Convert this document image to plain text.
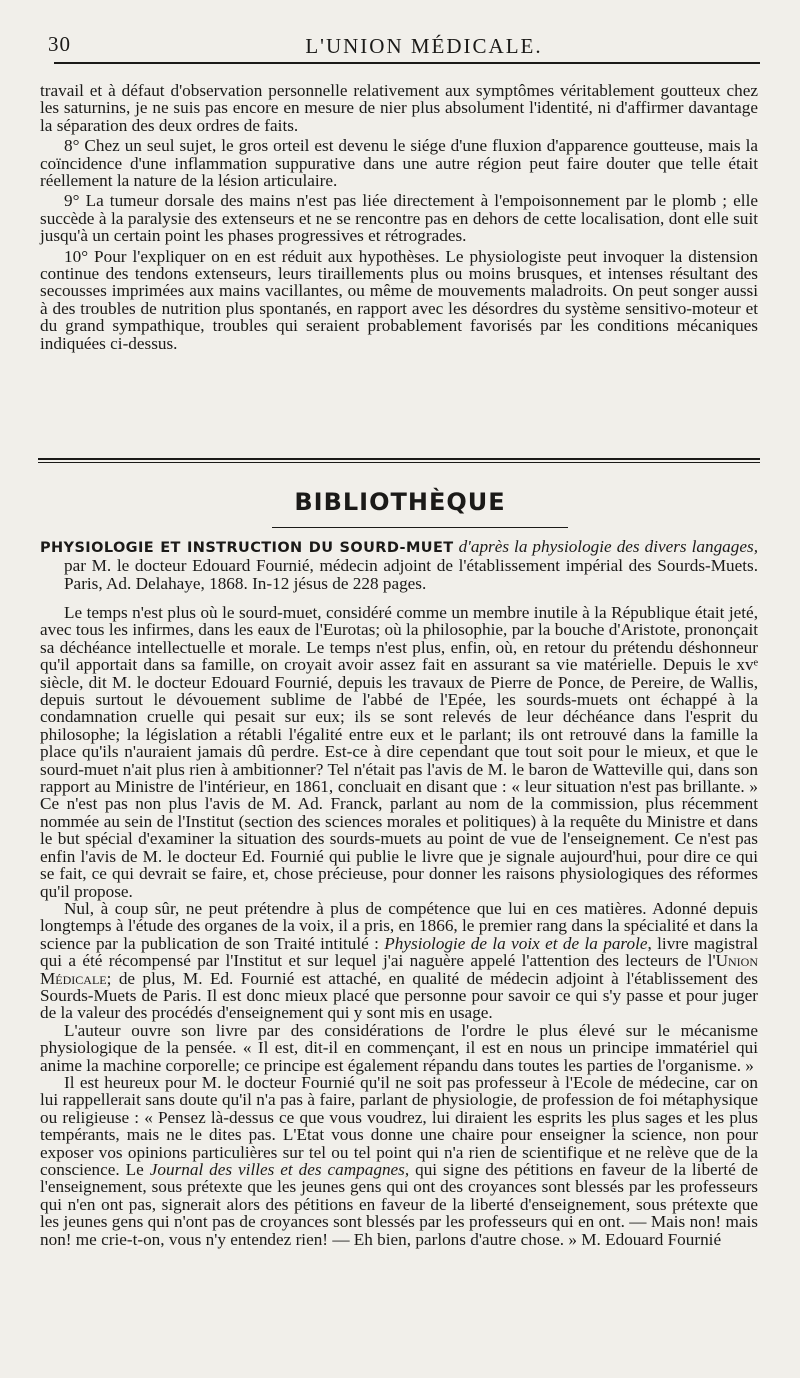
30	L'UNION MÉDICALE.

travail et à défaut d'observation personnelle relativement aux symptômes véritablement goutteux chez les saturnins, je ne suis pas encore en mesure de nier plus absolument l'identité, ni d'affirmer davantage la séparation des deux ordres de faits.

8° Chez un seul sujet, le gros orteil est devenu le siége d'une fluxion d'apparence goutteuse, mais la coïncidence d'une inflammation suppurative dans une autre région peut faire douter que telle était réellement la nature de la lésion articulaire.

9° La tumeur dorsale des mains n'est pas liée directement à l'empoisonnement par le plomb ; elle succède à la paralysie des extenseurs et ne se rencontre pas en dehors de cette localisation, dont elle suit jusqu'à un certain point les phases progressives et rétrogrades.

10° Pour l'expliquer on en est réduit aux hypothèses. Le physiologiste peut invoquer la distension continue des tendons extenseurs, leurs tiraillements plus ou moins brusques, et intenses résultant des secousses imprimées aux mains vacillantes, ou même de mouvements maladroits. On peut songer aussi à des troubles de nutrition plus spontanés, en rapport avec les désordres du système sensitivo-moteur et du grand sympathique, troubles qui seraient probablement favorisés par les conditions mécaniques indiquées ci-dessus.

BIBLIOTHÈQUE
PHYSIOLOGIE ET INSTRUCTION DU SOURD-MUET d'après la physiologie des divers langages, par M. le docteur Edouard Fournié, médecin adjoint de l'établissement impérial des Sourds-Muets. Paris, Ad. Delahaye, 1868. In-12 jésus de 228 pages.

Le temps n'est plus où le sourd-muet, considéré comme un membre inutile à la République était jeté, avec tous les infirmes, dans les eaux de l'Eurotas; où la philosophie, par la bouche d'Aristote, prononçait sa déchéance intellectuelle et morale. Le temps n'est plus, enfin, où, en retour du prétendu déshonneur qu'il apportait dans sa famille, on croyait avoir assez fait en assurant sa vie matérielle. Depuis le xvᵉ siècle, dit M. le docteur Edouard Fournié, depuis les travaux de Pierre de Ponce, de Pereire, de Wallis, depuis surtout le dévouement sublime de l'abbé de l'Epée, les sourds-muets ont échappé à la condamnation cruelle qui pesait sur eux; ils se sont relevés de leur déchéance dans l'esprit du philosophe; la législation a rétabli l'égalité entre eux et le parlant; ils ont retrouvé dans la famille la place qu'ils n'auraient jamais dû perdre. Est-ce à dire cependant que tout soit pour le mieux, et que le sourd-muet n'ait plus rien à ambitionner? Tel n'était pas l'avis de M. le baron de Watteville qui, dans son rapport au Ministre de l'intérieur, en 1861, concluait en disant que : « leur situation n'est pas brillante. » Ce n'est pas non plus l'avis de M. Ad. Franck, parlant au nom de la commission, plus récemment nommée au sein de l'Institut (section des sciences morales et politiques) à la requête du Ministre et dans le but spécial d'examiner la situation des sourds-muets au point de vue de l'enseignement. Ce n'est pas enfin l'avis de M. le docteur Ed. Fournié qui publie le livre que je signale aujourd'hui, pour dire ce qui se fait, ce qui devrait se faire, et, chose précieuse, pour donner les raisons physiologiques des réformes qu'il propose.

Nul, à coup sûr, ne peut prétendre à plus de compétence que lui en ces matières. Adonné depuis longtemps à l'étude des organes de la voix, il a pris, en 1866, le premier rang dans la spécialité et dans la science par la publication de son Traité intitulé : Physiologie de la voix et de la parole, livre magistral qui a été récompensé par l'Institut et sur lequel j'ai naguère appelé l'attention des lecteurs de l'Union Médicale; de plus, M. Ed. Fournié est attaché, en qualité de médecin adjoint à l'établissement des Sourds-Muets de Paris. Il est donc mieux placé que personne pour savoir ce qui s'y passe et pour juger de la valeur des procédés d'enseignement qui y sont mis en usage.

L'auteur ouvre son livre par des considérations de l'ordre le plus élevé sur le mécanisme physiologique de la pensée. « Il est, dit-il en commençant, il est en nous un principe immatériel qui anime la machine corporelle; ce principe est également répandu dans toutes les parties de l'organisme. »

Il est heureux pour M. le docteur Fournié qu'il ne soit pas professeur à l'Ecole de médecine, car on lui rappellerait sans doute qu'il n'a pas à faire, parlant de physiologie, de profession de foi métaphysique ou religieuse : « Pensez là-dessus ce que vous voudrez, lui diraient les esprits les plus sages et les plus tempérants, mais ne le dites pas. L'Etat vous donne une chaire pour enseigner la science, non pour exposer vos opinions particulières sur tel ou tel point qui n'a rien de scientifique et ne relève que de la conscience. Le Journal des villes et des campagnes, qui signe des pétitions en faveur de la liberté de l'enseignement, sous prétexte que les jeunes gens qui ont des croyances sont blessés par les professeurs qui n'en ont pas, signerait alors des pétitions en faveur de la liberté d'enseignement, sous prétexte que les jeunes gens qui n'ont pas de croyances sont blessés par les professeurs qui en ont. — Mais non! mais non! me crie-t-on, vous n'y entendez rien! — Eh bien, parlons d'autre chose. » M. Edouard Fournié
